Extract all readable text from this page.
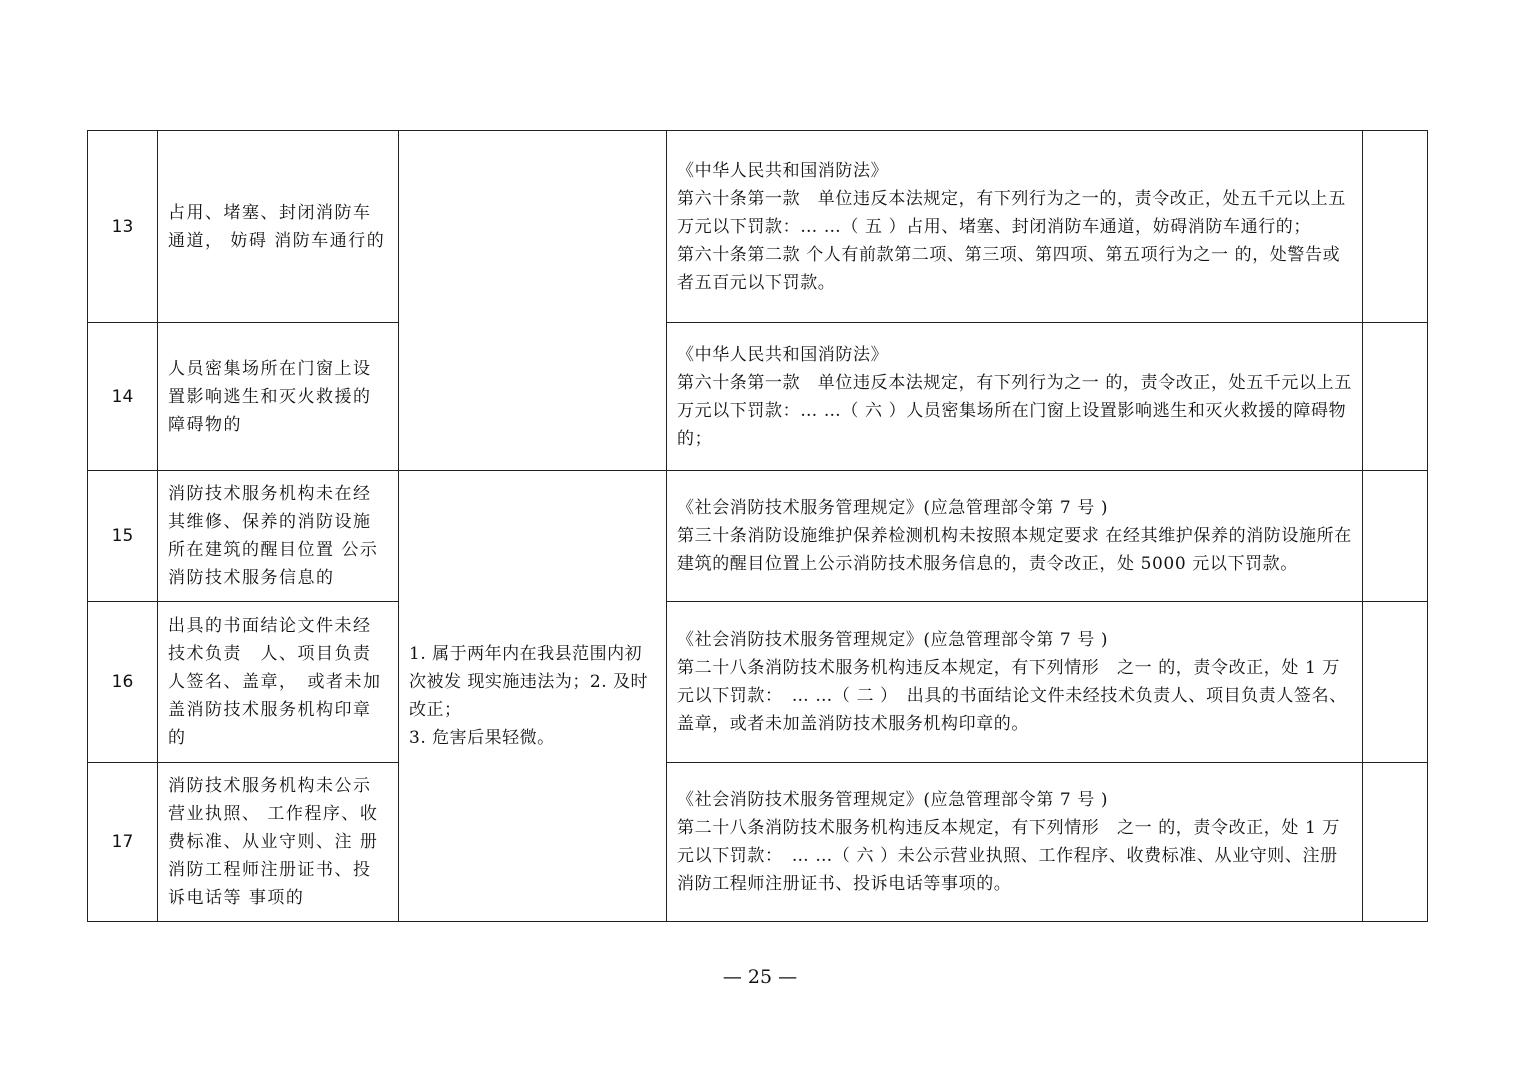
13	占用、堵塞、封闭消防车通道， 妨碍 消防车通行的		《中华人民共和国消防法》
第六十条第一款　单位违反本法规定，有下列行为之一的，责令改正，处五千元以上五万元以下罚款：… …（ 五 ）占用、堵塞、封闭消防车通道，妨碍消防车通行的；
第六十条第二款 个人有前款第二项、第三项、第四项、第五项行为之一 的，处警告或者五百元以下罚款。	

14	人员密集场所在门窗上设置影响逃生和灭火救援的障碍物的		《中华人民共和国消防法》
第六十条第一款　单位违反本法规定，有下列行为之一 的，责令改正，处五千元以上五万元以下罚款：… …（ 六 ）人员密集场所在门窗上设置影响逃生和灭火救援的障碍物的；	

15	消防技术服务机构未在经其维修、保养的消防设施所在建筑的醒目位置 公示消防技术服务信息的	1. 属于两年内在我县范围内初次被发 现实施违法为；2. 及时改正；
3. 危害后果轻微。	《社会消防技术服务管理规定》(应急管理部令第 7 号 )
第三十条消防设施维护保养检测机构未按照本规定要求 在经其维护保养的消防设施所在建筑的醒目位置上公示消防技术服务信息的，责令改正，处 5000 元以下罚款。	

16	出具的书面结论文件未经技术负责　人、项目负责人签名、盖章，　或者未加盖消防技术服务机构印章的		《社会消防技术服务管理规定》(应急管理部令第 7 号 )
第二十八条消防技术服务机构违反本规定，有下列情形　之一 的，责令改正，处 1 万元以下罚款：　… …（ 二 ）　出具的书面结论文件未经技术负责人、项目负责人签名、盖章，或者未加盖消防技术服务机构印章的。	

17	消防技术服务机构未公示营业执照、 工作程序、收费标准、从业守则、注 册消防工程师注册证书、投诉电话等 事项的		《社会消防技术服务管理规定》(应急管理部令第 7 号 )
第二十八条消防技术服务机构违反本规定，有下列情形　之一 的，责令改正，处 1 万元以下罚款：　… …（ 六 ）未公示营业执照、工作程序、收费标准、从业守则、注册消防工程师注册证书、投诉电话等事项的。	

— 25 —
